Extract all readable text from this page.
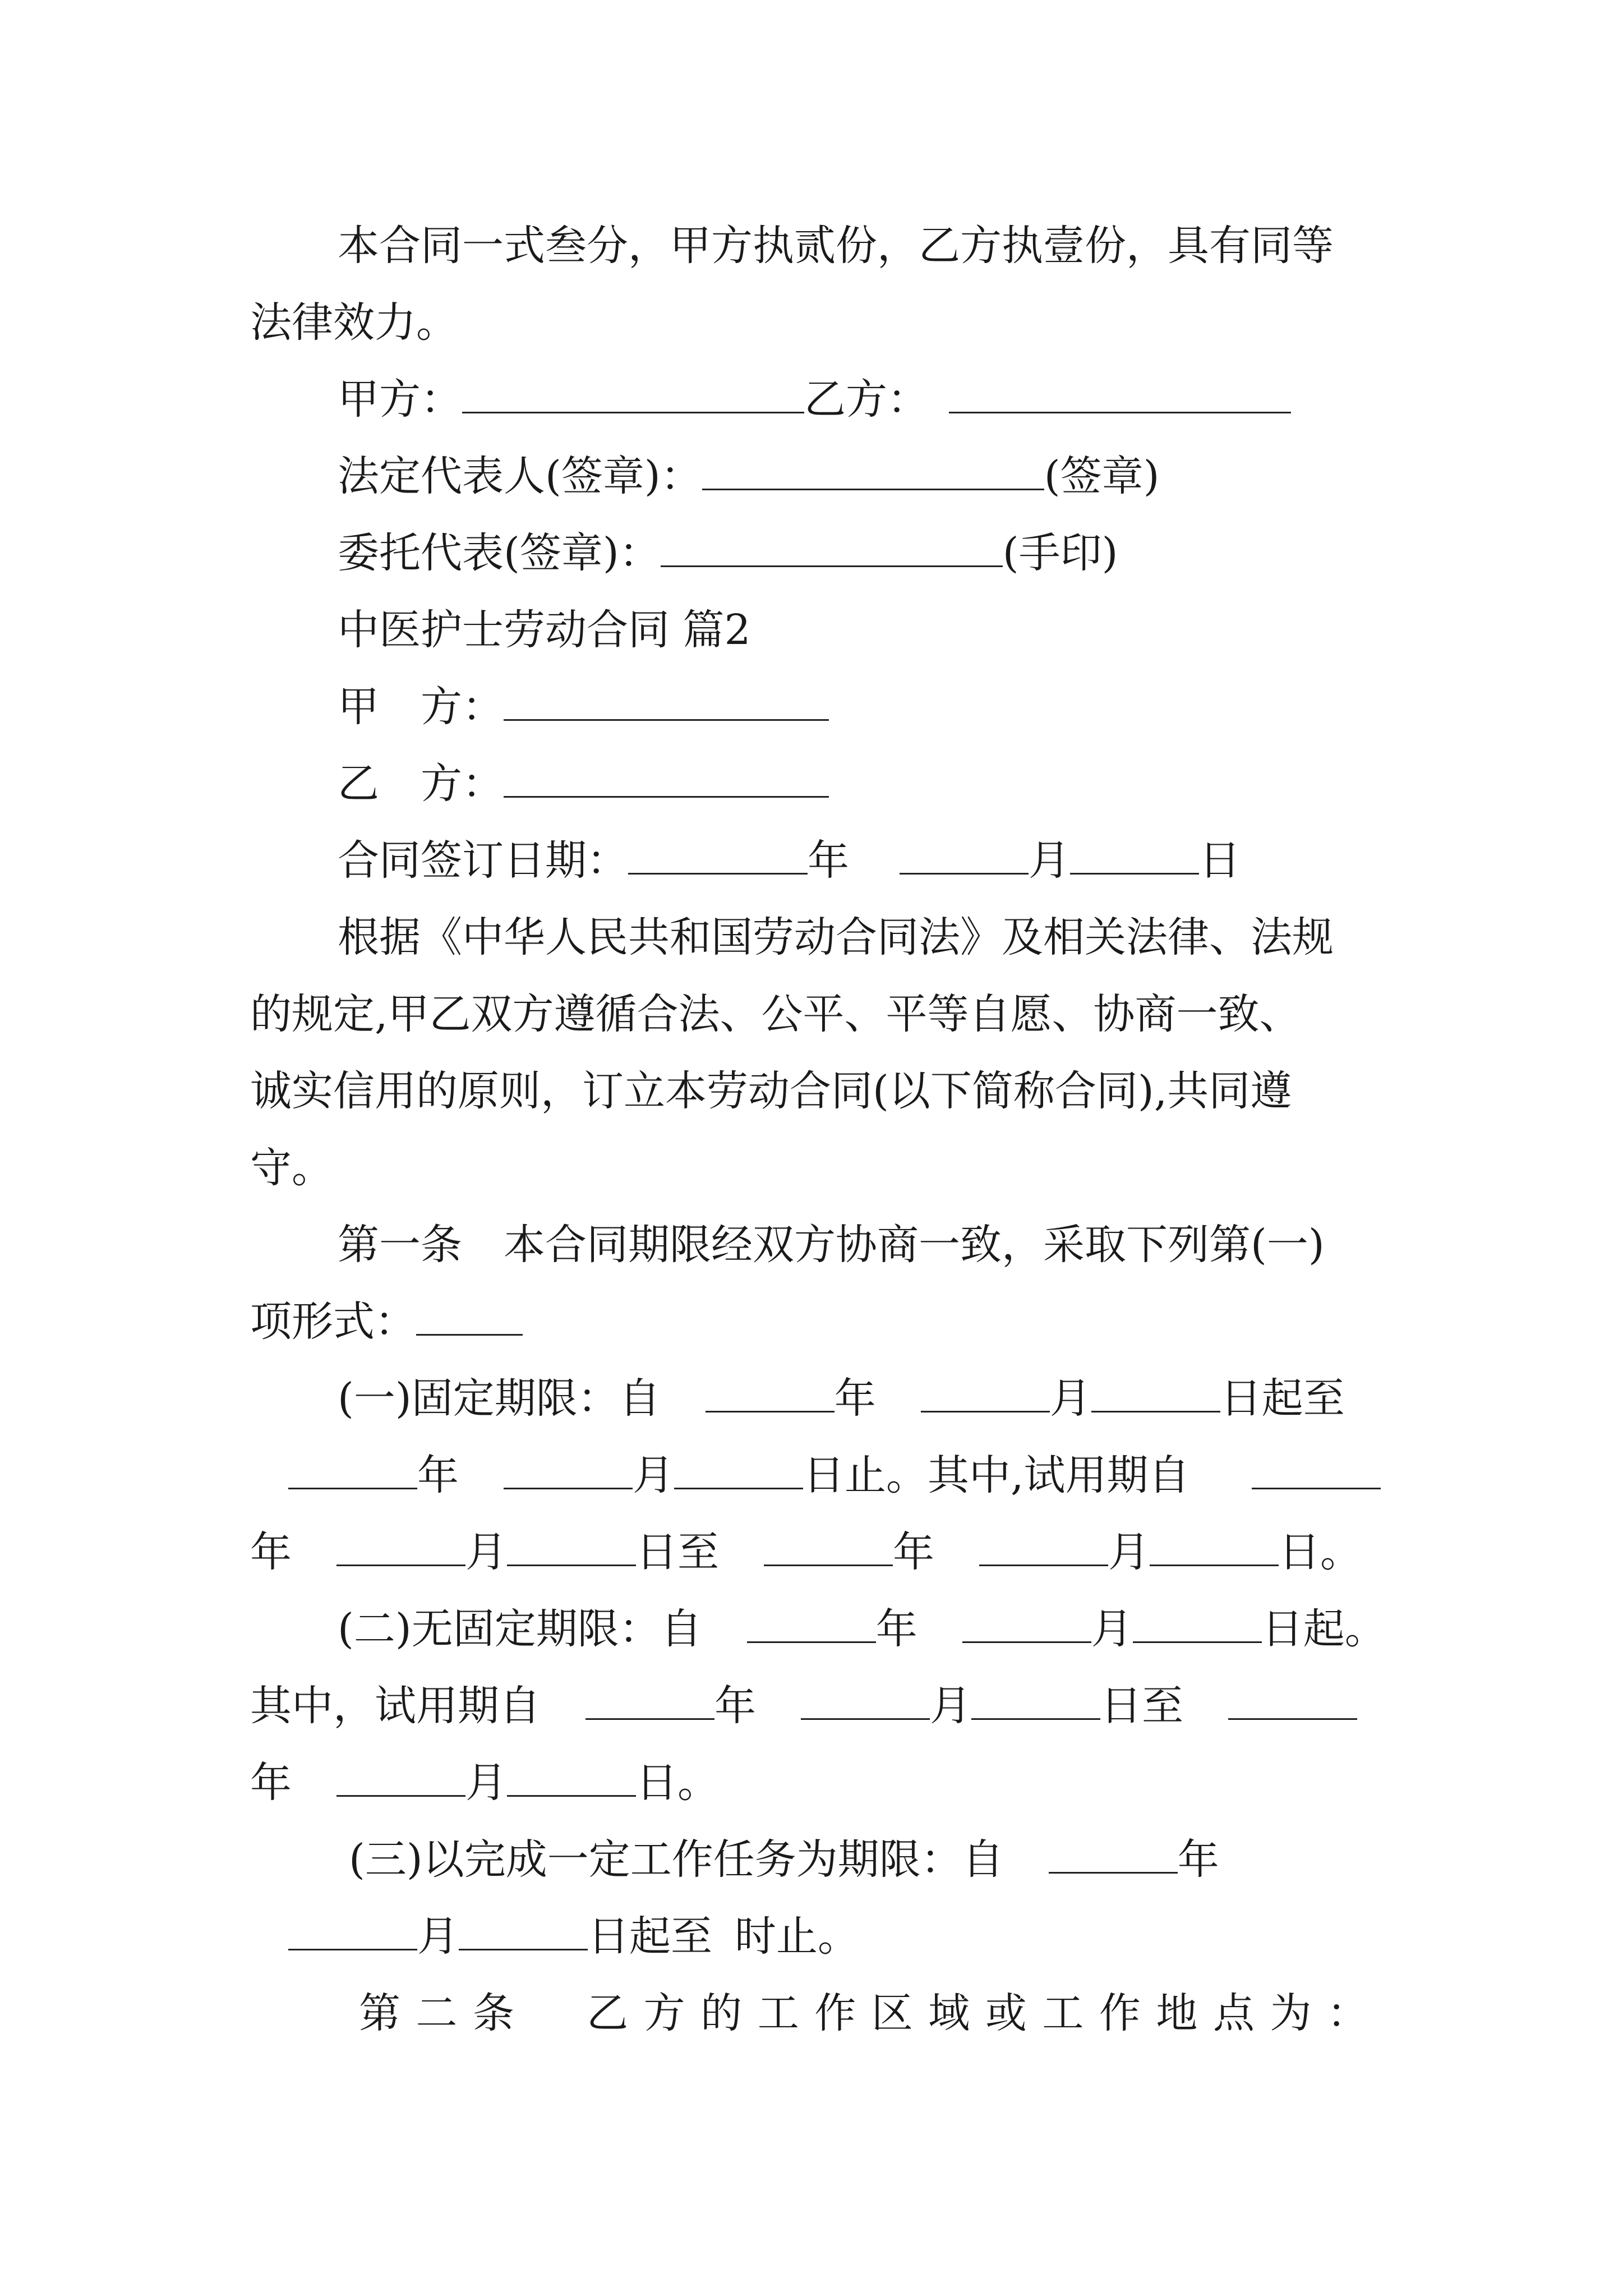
本合同一式叁分，甲方执贰份，乙方执壹份，具有同等
法律效力。
甲方：	乙方：
法定代表人(签章)：	(签章)
委托代表(签章)：	(手印)
中医护士劳动合同 篇2
甲　方：
乙　方：
合同签订日期：	年	月	日
根据《中华人民共和国劳动合同法》及相关法律、法规
的规定,甲乙双方遵循合法、公平、平等自愿、协商一致、
诚实信用的原则，订立本劳动合同(以下简称合同),共同遵
守。
第一条　本合同期限经双方协商一致，采取下列第(一)
项形式：
(一)固定期限：自	年	月	日起至
年	月	日止。其中,试用期自
年	月	日至	年	月	日。
(二)无固定期限：自	年	月	日起。
其中，试用期自	年	月	日至
年	月	日。
(三)以完成一定工作任务为期限：自	年
月	日起至 时止。
第二条　乙方的工作区域或工作地点为：
